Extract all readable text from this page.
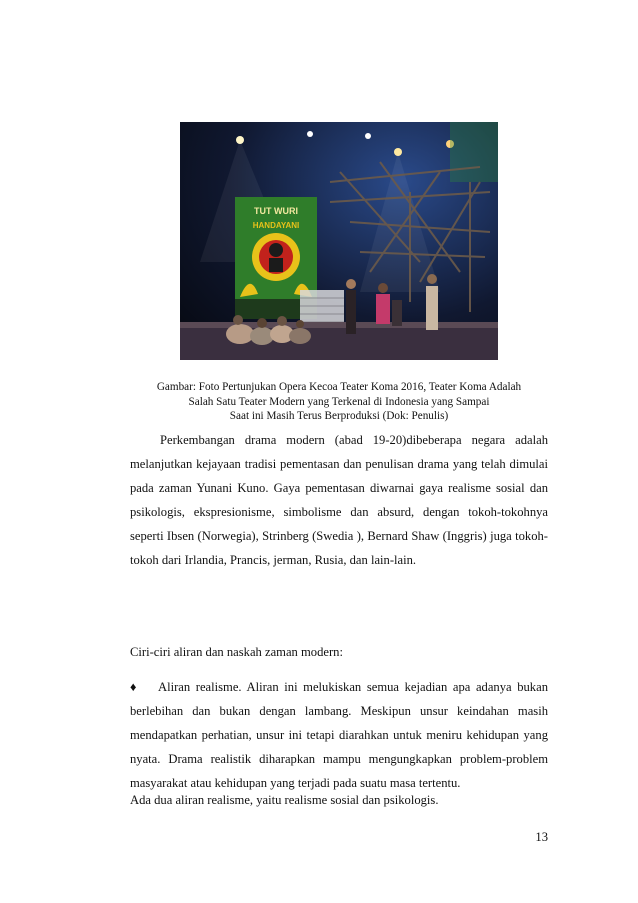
TUT WURI
HANDAYANI
Gambar: Foto Pertunjukan Opera Kecoa Teater Koma 2016, Teater Koma Adalah
Salah Satu Teater Modern yang Terkenal di Indonesia yang Sampai
Saat ini Masih Terus Berproduksi (Dok: Penulis)

Perkembangan drama modern (abad 19-20)dibeberapa negara adalah melanjutkan kejayaan tradisi pementasan dan penulisan drama yang telah dimulai pada zaman Yunani Kuno. Gaya pementasan diwarnai gaya realisme sosial dan psikologis, ekspresionisme, simbolisme dan absurd, dengan tokoh-tokohnya seperti Ibsen (Norwegia), Strinberg (Swedia ), Bernard Shaw (Inggris) juga tokoh-tokoh dari Irlandia, Prancis, jerman, Rusia, dan lain-lain.

Ciri-ciri aliran dan naskah zaman modern:

♦ Aliran realisme. Aliran ini melukiskan semua kejadian apa adanya bukan berlebihan dan bukan dengan lambang. Meskipun unsur keindahan masih mendapatkan perhatian, unsur ini tetapi diarahkan untuk meniru kehidupan yang nyata. Drama realistik diharapkan mampu mengungkapkan problem-problem masyarakat atau kehidupan yang terjadi pada suatu masa tertentu.

Ada dua aliran realisme, yaitu realisme sosial dan psikologis.

13
